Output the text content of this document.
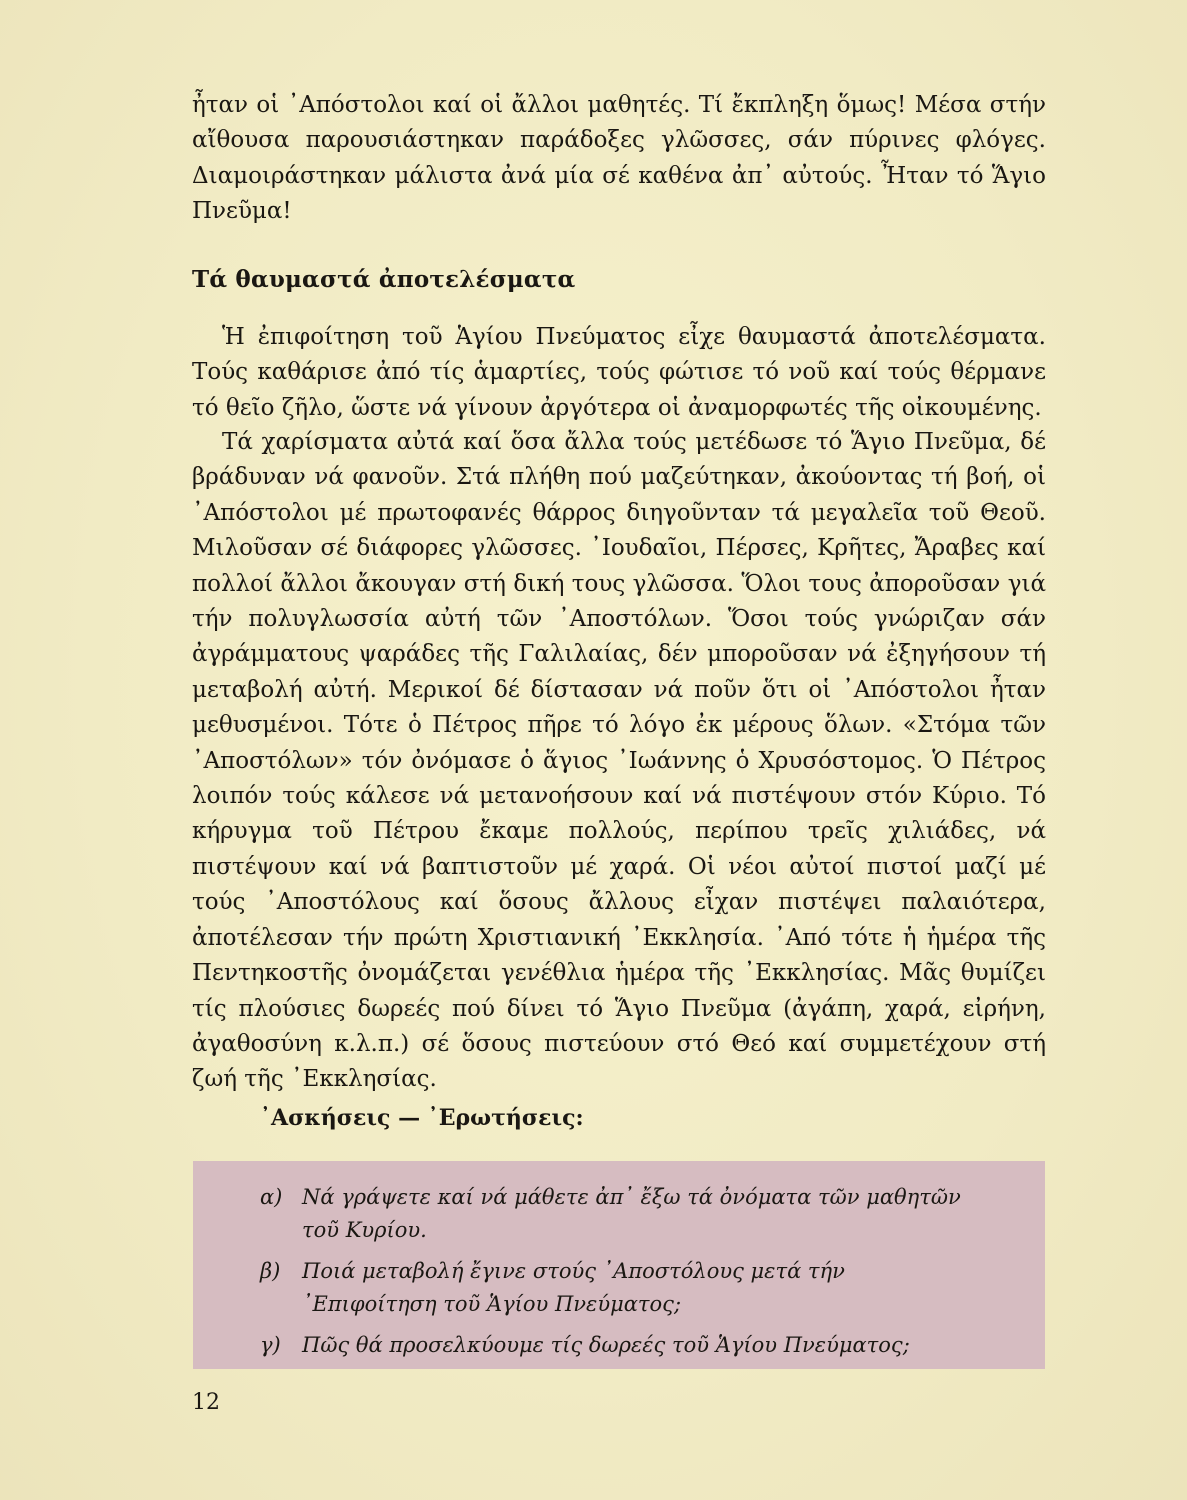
ἦταν οἱ ᾿Απόστολοι καί οἱ ἄλλοι μαθητές. Τί ἔκπληξη ὅμως! Μέσα στήν αἴθουσα παρουσιάστηκαν παράδοξες γλῶσσες, σάν πύρινες φλόγες. Διαμοιράστηκαν μάλιστα ἀνά μία σέ καθένα ἀπ᾿ αὐτούς. Ἦταν τό Ἅγιο Πνεῦμα!

Τά θαυμαστά ἀποτελέσματα

Ἡ ἐπιφοίτηση τοῦ Ἁγίου Πνεύματος εἶχε θαυμαστά ἀποτελέσματα. Τούς καθάρισε ἀπό τίς ἁμαρτίες, τούς φώτισε τό νοῦ καί τούς θέρμανε τό θεῖο ζῆλο, ὥστε νά γίνουν ἀργότερα οἱ ἀναμορφωτές τῆς οἰκουμένης.

Τά χαρίσματα αὐτά καί ὅσα ἄλλα τούς μετέδωσε τό Ἅγιο Πνεῦμα, δέ βράδυναν νά φανοῦν. Στά πλήθη πού μαζεύτηκαν, ἀκούοντας τή βοή, οἱ ᾿Απόστολοι μέ πρωτοφανές θάρρος διηγοῦνταν τά μεγαλεῖα τοῦ Θεοῦ. Μιλοῦσαν σέ διάφορες γλῶσσες. ᾿Ιουδαῖοι, Πέρσες, Κρῆτες, Ἄραβες καί πολλοί ἄλλοι ἄκουγαν στή δική τους γλῶσσα. Ὅλοι τους ἀποροῦσαν γιά τήν πολυγλωσσία αὐτή τῶν ᾿Αποστόλων. Ὅσοι τούς γνώριζαν σάν ἀγράμματους ψαράδες τῆς Γαλιλαίας, δέν μποροῦσαν νά ἐξηγήσουν τή μεταβολή αὐτή. Μερικοί δέ δίστασαν νά ποῦν ὅτι οἱ ᾿Απόστολοι ἦταν μεθυσμένοι. Τότε ὁ Πέτρος πῆρε τό λόγο ἐκ μέρους ὅλων. «Στόμα τῶν ᾿Αποστόλων» τόν ὀνόμασε ὁ ἅγιος ᾿Ιωάννης ὁ Χρυσόστομος. Ὁ Πέτρος λοιπόν τούς κάλεσε νά μετανοήσουν καί νά πιστέψουν στόν Κύριο. Τό κήρυγμα τοῦ Πέτρου ἔκαμε πολλούς, περίπου τρεῖς χιλιάδες, νά πιστέψουν καί νά βαπτιστοῦν μέ χαρά. Οἱ νέοι αὐτοί πιστοί μαζί μέ τούς ᾿Αποστόλους καί ὅσους ἄλλους εἶχαν πιστέψει παλαιότερα, ἀποτέλεσαν τήν πρώτη Χριστιανική ᾿Εκκλησία. ᾿Από τότε ἡ ἡμέρα τῆς Πεντηκοστῆς ὀνομάζεται γενέθλια ἡμέρα τῆς ᾿Εκκλησίας. Μᾶς θυμίζει τίς πλούσιες δωρεές πού δίνει τό Ἅγιο Πνεῦμα (ἀγάπη, χαρά, εἰρήνη, ἀγαθοσύνη κ.λ.π.) σέ ὅσους πιστεύουν στό Θεό καί συμμετέχουν στή ζωή τῆς ᾿Εκκλησίας.

᾿Ασκήσεις — ᾿Ερωτήσεις:
α) Νά γράψετε καί νά μάθετε ἀπ᾿ ἔξω τά ὀνόματα τῶν μαθητῶν τοῦ Κυρίου.
β)	Ποιά μεταβολή ἔγινε στούς ᾿Αποστόλους μετά τήν ᾿Επιφοίτηση τοῦ Ἁγίου Πνεύματος;
γ)	Πῶς θά προσελκύουμε τίς δωρεές τοῦ Ἁγίου Πνεύματος;

12
